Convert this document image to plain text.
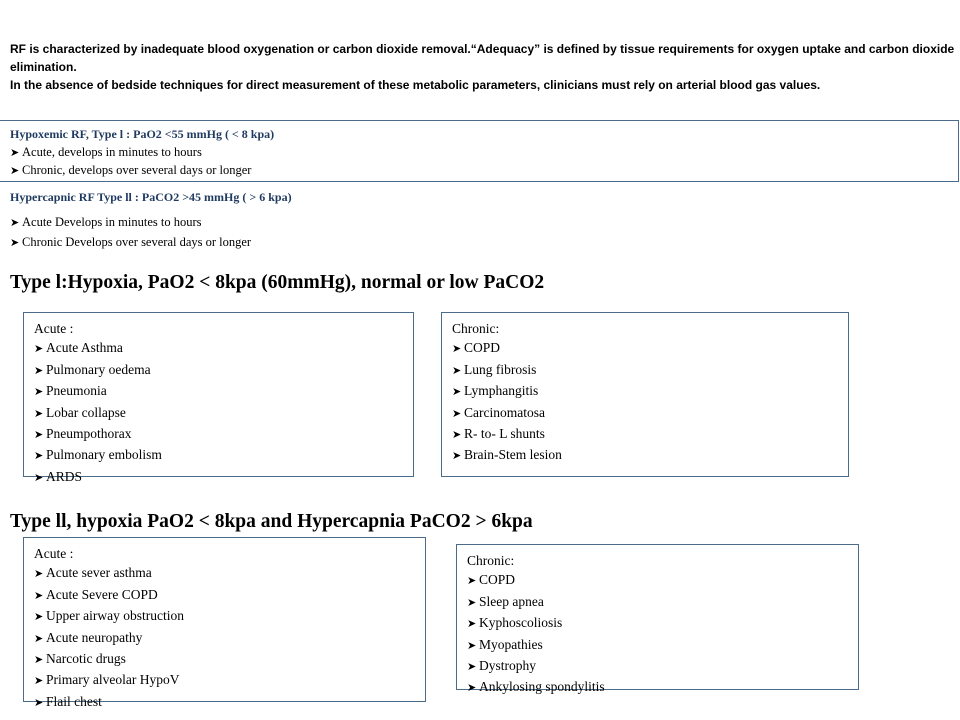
RF is characterized by inadequate blood oxygenation or carbon dioxide removal.“Adequacy” is defined by tissue requirements for oxygen uptake and carbon dioxide elimination.

In the absence of bedside techniques for direct measurement of these metabolic parameters, clinicians must rely on arterial blood gas values.

Hypoxemic RF, Type l : PaO2 <55 mmHg ( < 8 kpa)
➤ Acute, develops in minutes to hours
➤ Chronic, develops over several days or longer
Hypercapnic RF Type ll : PaCO2 >45 mmHg ( > 6 kpa)
➤ Acute Develops in minutes to hours
➤ Chronic Develops over several days or longer
Type l:Hypoxia, PaO2 < 8kpa (60mmHg), normal or low PaCO2
Acute :
➤ Acute Asthma
➤ Pulmonary oedema
➤ Pneumonia
➤ Lobar collapse
➤ Pneumpothorax
➤ Pulmonary embolism
➤ ARDS
Chronic:
➤ COPD
➤ Lung fibrosis
➤ Lymphangitis
➤ Carcinomatosa
➤ R- to- L shunts
➤ Brain-Stem lesion
Type ll, hypoxia PaO2 < 8kpa and Hypercapnia PaCO2 > 6kpa
Acute :
➤ Acute sever asthma
➤ Acute Severe COPD
➤ Upper airway obstruction
➤ Acute neuropathy
➤ Narcotic drugs
➤ Primary alveolar HypoV
➤ Flail chest
Chronic:
➤ COPD
➤ Sleep apnea
➤ Kyphoscoliosis
➤ Myopathies
➤ Dystrophy
➤ Ankylosing spondylitis
